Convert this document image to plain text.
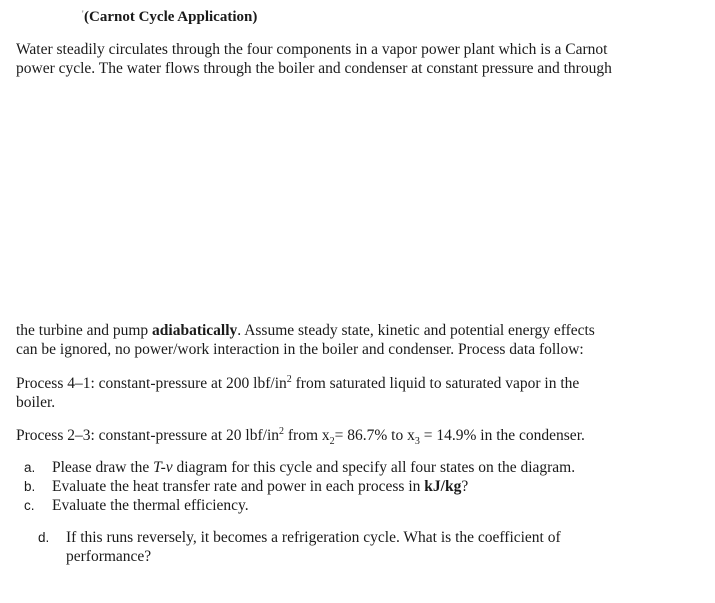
' (Carnot Cycle Application)
Water steadily circulates through the four components in a vapor power plant which is a Carnot
power cycle. The water flows through the boiler and condenser at constant pressure and through
the turbine and pump adiabatically. Assume steady state, kinetic and potential energy effects
can be ignored, no power/work interaction in the boiler and condenser. Process data follow:
Process 4–1: constant-pressure at 200 lbf/$in^2$ from saturated liquid to saturated vapor in the
boiler.
Process 2–3: constant-pressure at 20 lbf/$in^2$ from $x_2= 86.7\%$ to $x_3 = 14.9\%$ in the condenser.
a. Please draw the T-v diagram for this cycle and specify all four states on the diagram.
b. Evaluate the heat transfer rate and power in each process in kJ/kg?
c. Evaluate the thermal efficiency.
d. If this runs reversely, it becomes a refrigeration cycle. What is the coefficient of
performance?
